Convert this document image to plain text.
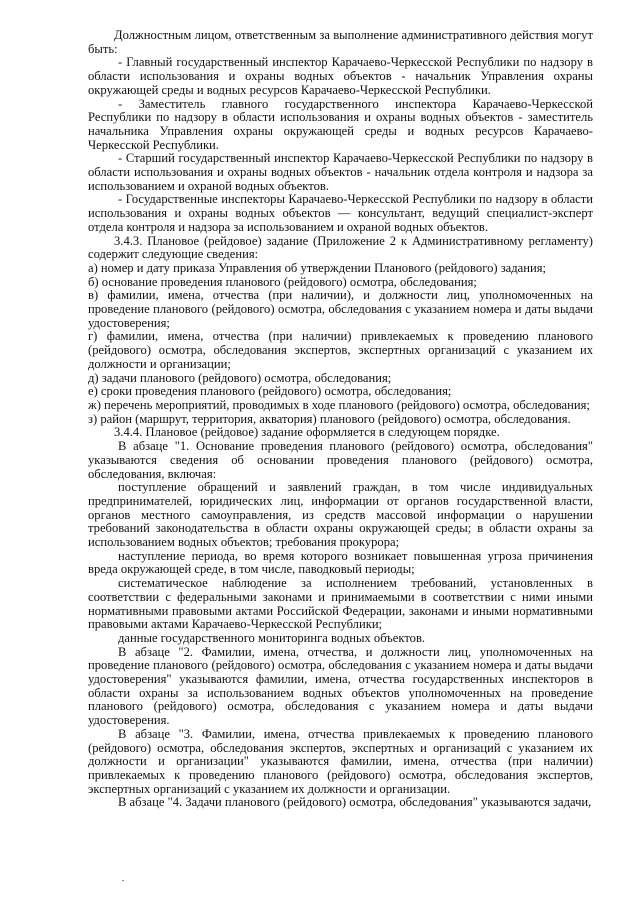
Должностным лицом, ответственным за выполнение административного действия могут быть:

- Главный государственный инспектор Карачаево-Черкесской Республики по надзору в области использования и охраны водных объектов - начальник Управления охраны окружающей среды и водных ресурсов Карачаево-Черкесской Республики.

- Заместитель главного государственного инспектора Карачаево-Черкесской Республики по надзору в области использования и охраны водных объектов - заместитель начальника Управления охраны окружающей среды и водных ресурсов Карачаево-Черкесской Республики.

- Старший государственный инспектор Карачаево-Черкесской Республики по надзору в области использования и охраны водных объектов - начальник отдела контроля и надзора за использованием и охраной водных объектов.

- Государственные инспекторы Карачаево-Черкесской Республики по надзору в области использования и охраны водных объектов — консультант, ведущий специалист-эксперт отдела контроля и надзора за использованием и охраной водных объектов.

3.4.3. Плановое (рейдовое) задание (Приложение 2 к Административному регламенту) содержит следующие сведения:

а) номер и дату приказа Управления об утверждении Планового (рейдового) задания;

б) основание проведения планового (рейдового) осмотра, обследования;

в) фамилии, имена, отчества (при наличии), и должности лиц, уполномоченных на проведение планового (рейдового) осмотра, обследования с указанием номера и даты выдачи удостоверения;

г) фамилии, имена, отчества (при наличии) привлекаемых к проведению планового (рейдового) осмотра, обследования экспертов, экспертных организаций с указанием их должности и организации;

д) задачи планового (рейдового) осмотра, обследования;

е) сроки проведения планового (рейдового) осмотра, обследования;

ж) перечень мероприятий, проводимых в ходе планового (рейдового) осмотра, обследования;

з) район (маршрут, территория, акватория) планового (рейдового) осмотра, обследования.

3.4.4. Плановое (рейдовое) задание оформляется в следующем порядке.

В абзаце "1. Основание проведения планового (рейдового) осмотра, обследования" указываются сведения об основании проведения планового (рейдового) осмотра, обследования, включая:

поступление обращений и заявлений граждан, в том числе индивидуальных предпринимателей, юридических лиц, информации от органов государственной власти, органов местного самоуправления, из средств массовой информации о нарушении требований законодательства в области охраны окружающей среды; в области охраны за использованием водных объектов; требования прокурора;

наступление периода, во время которого возникает повышенная угроза причинения вреда окружающей среде, в том числе, паводковый периоды;

систематическое наблюдение за исполнением требований, установленных в соответствии с федеральными законами и принимаемыми в соответствии с ними иными нормативными правовыми актами Российской Федерации, законами и иными нормативными правовыми актами Карачаево-Черкесской Республики;

данные государственного мониторинга водных объектов.

В абзаце "2. Фамилии, имена, отчества, и должности лиц, уполномоченных на проведение планового (рейдового) осмотра, обследования с указанием номера и даты выдачи удостоверения" указываются фамилии, имена, отчества государственных инспекторов в области охраны за использованием водных объектов уполномоченных на проведение планового (рейдового) осмотра, обследования с указанием номера и даты выдачи удостоверения.

В абзаце "3. Фамилии, имена, отчества привлекаемых к проведению планового (рейдового) осмотра, обследования экспертов, экспертных и организаций с указанием их должности и организации" указываются фамилии, имена, отчества (при наличии) привлекаемых к проведению планового (рейдового) осмотра, обследования экспертов, экспертных организаций с указанием их должности и организации.

В абзаце "4. Задачи планового (рейдового) осмотра, обследования" указываются задачи,
